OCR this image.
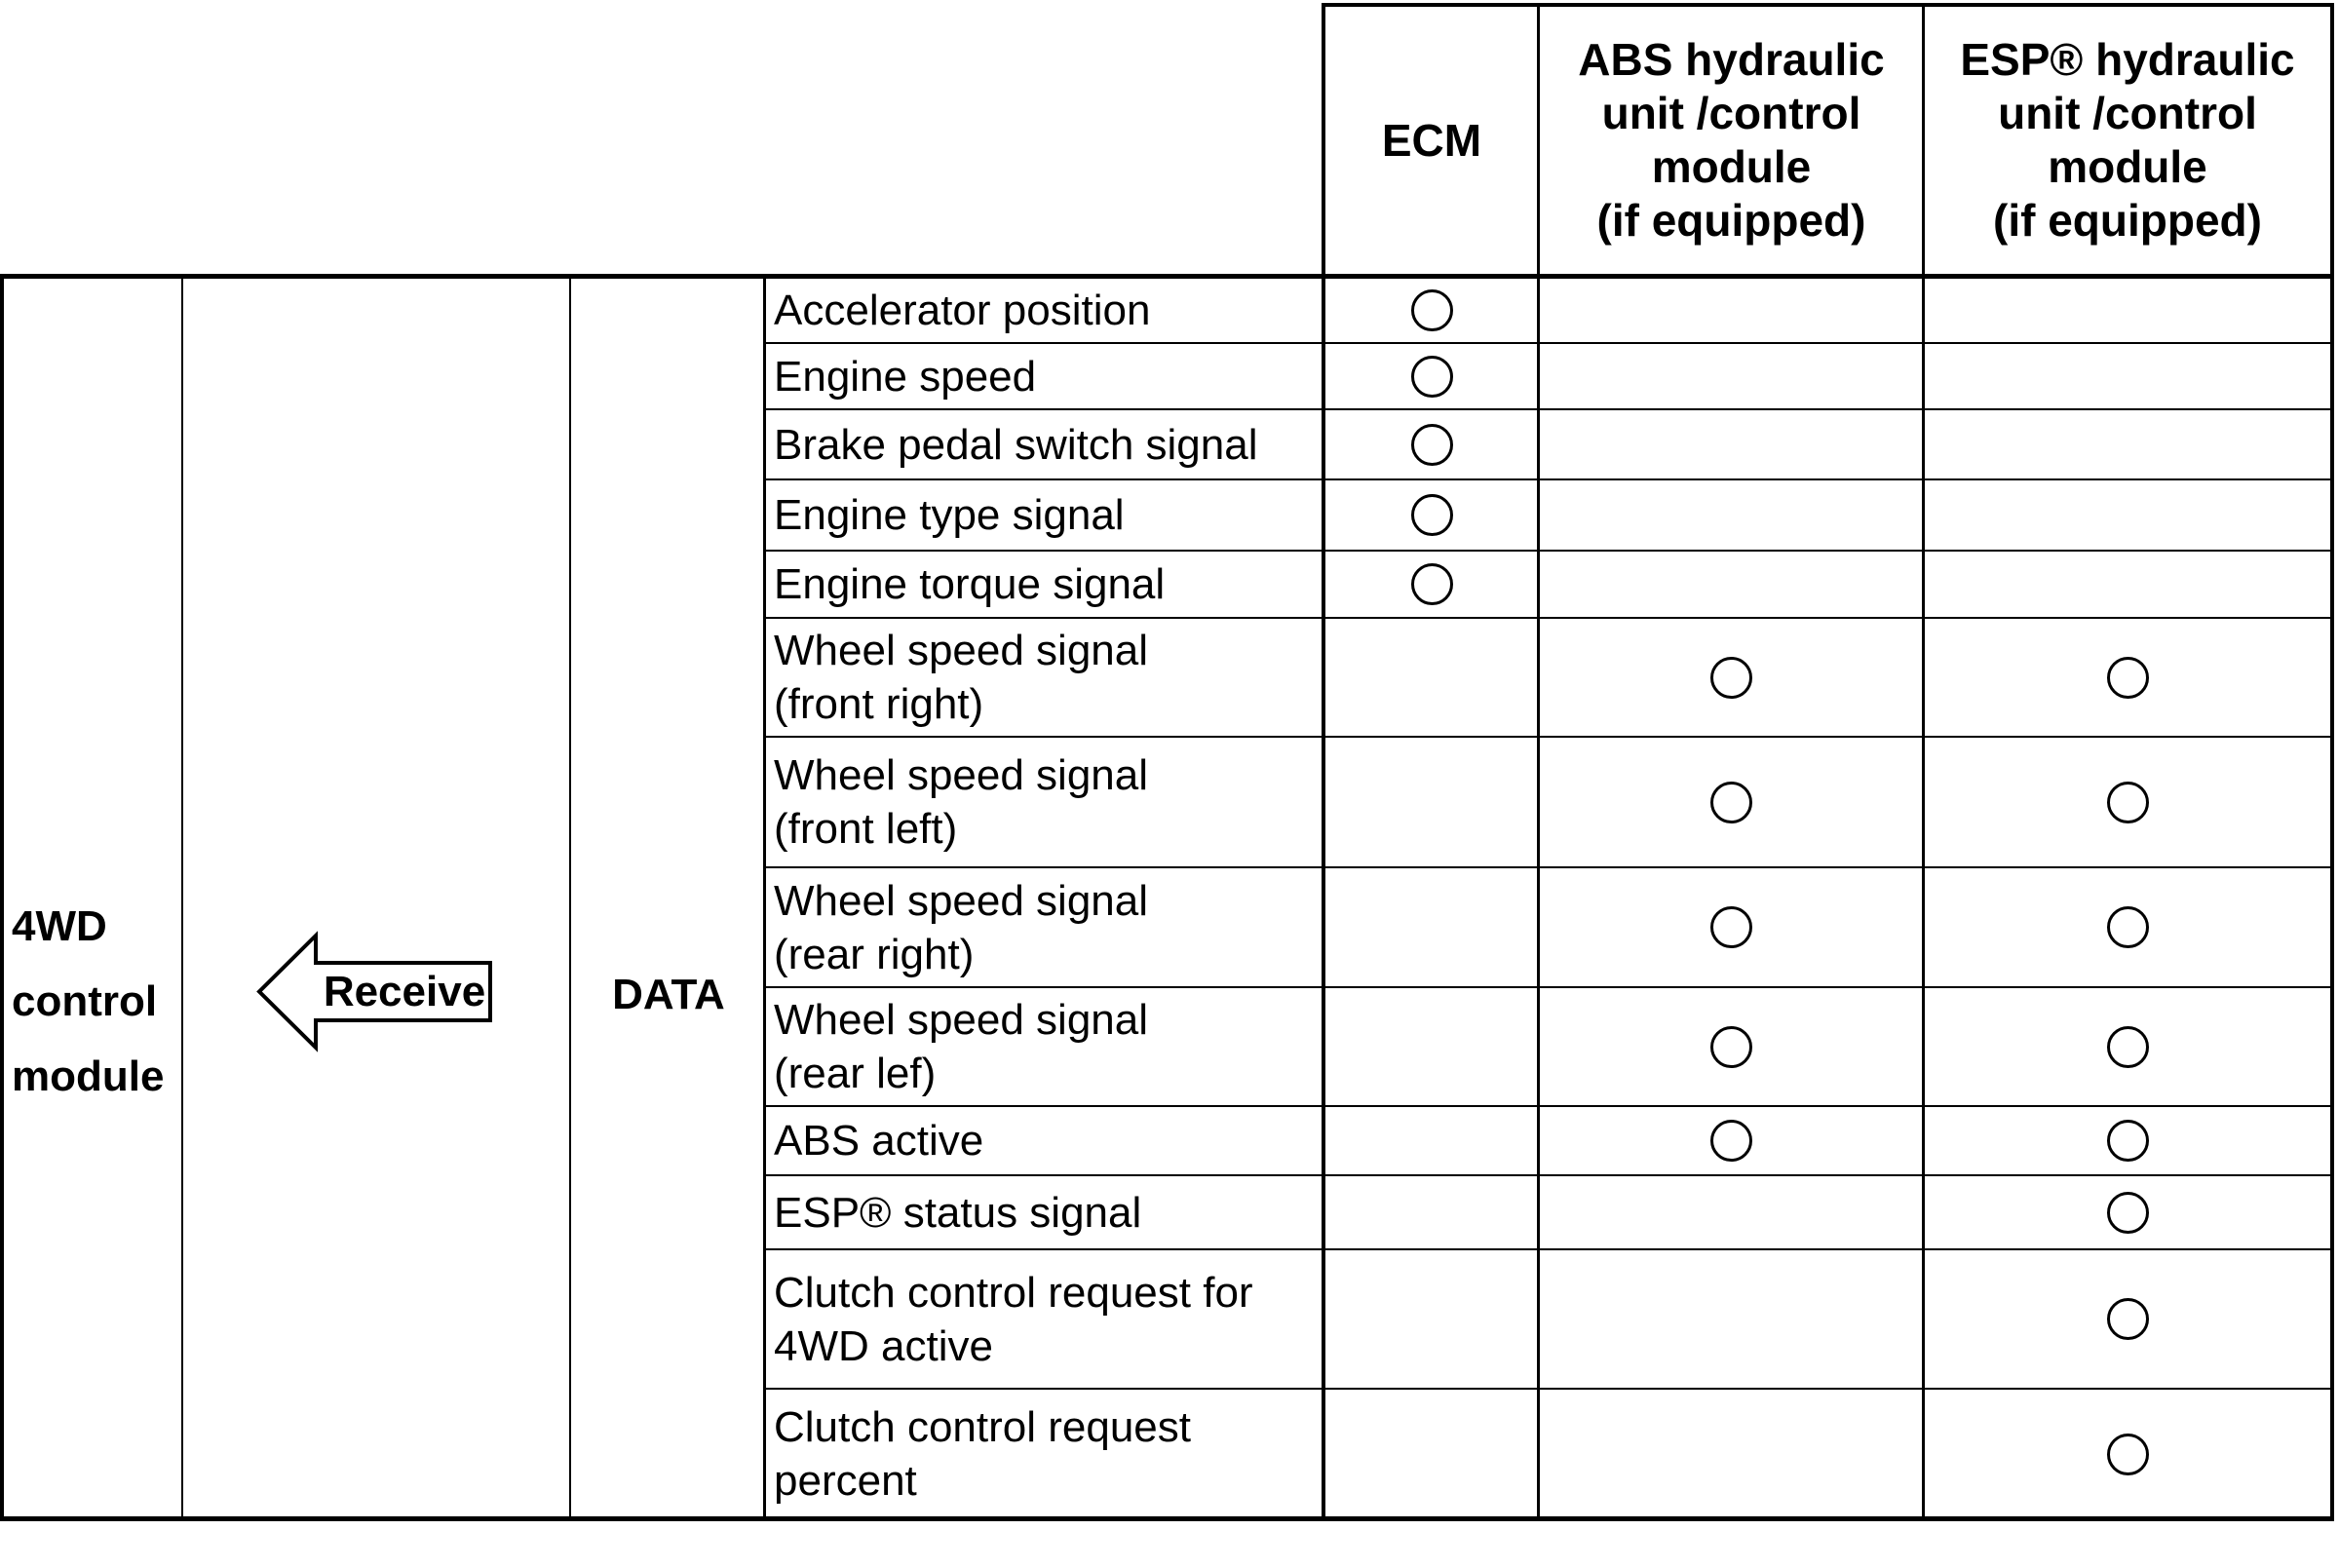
ECM
ABS hydraulic
unit /control
module
(if equipped)
ESP® hydraulic
unit /control
module
(if equipped)
4WD
control
module
Receive	DATA
Accelerator position
Engine speed
Brake pedal switch signal
Engine type signal
Engine torque signal
Wheel speed signal
(front right)
Wheel speed signal
(front left)
Wheel speed signal
(rear right)
Wheel speed signal
(rear lef)
ABS active
ESP® status signal
Clutch control request for
4WD active
Clutch control request
percent
